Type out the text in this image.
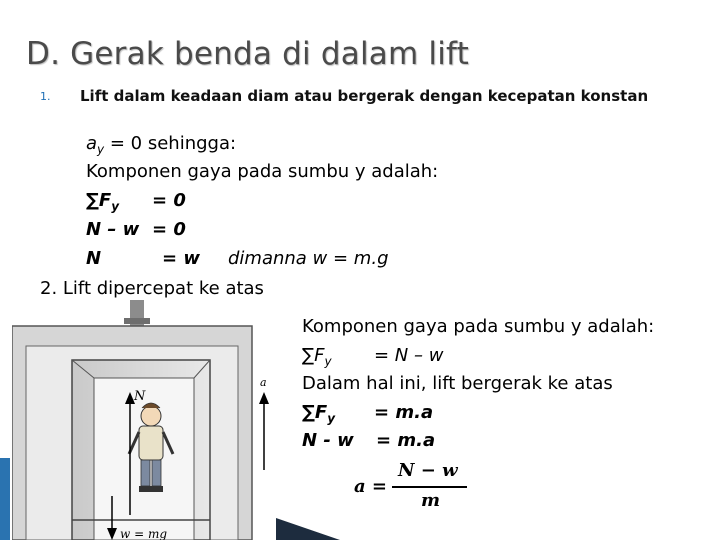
D. Gerak benda di dalam lift
1. Lift dalam keadaan diam atau bergerak dengan kecepatan konstan
$a_y = 0$ sehingga:
Komponen gaya pada sumbu y adalah:
$\sum F_y = 0$
N – w = 0
N	= w dimanna w = m.g
2. Lift dipercepat ke atas
N
w = mg
a
Komponen gaya pada sumbu y adalah:
$\sum F_y = N - w$
Dalam hal ini, lift bergerak ke atas
$\sum F_y = m.a$
N - w = m.a
a =
N − w
m
